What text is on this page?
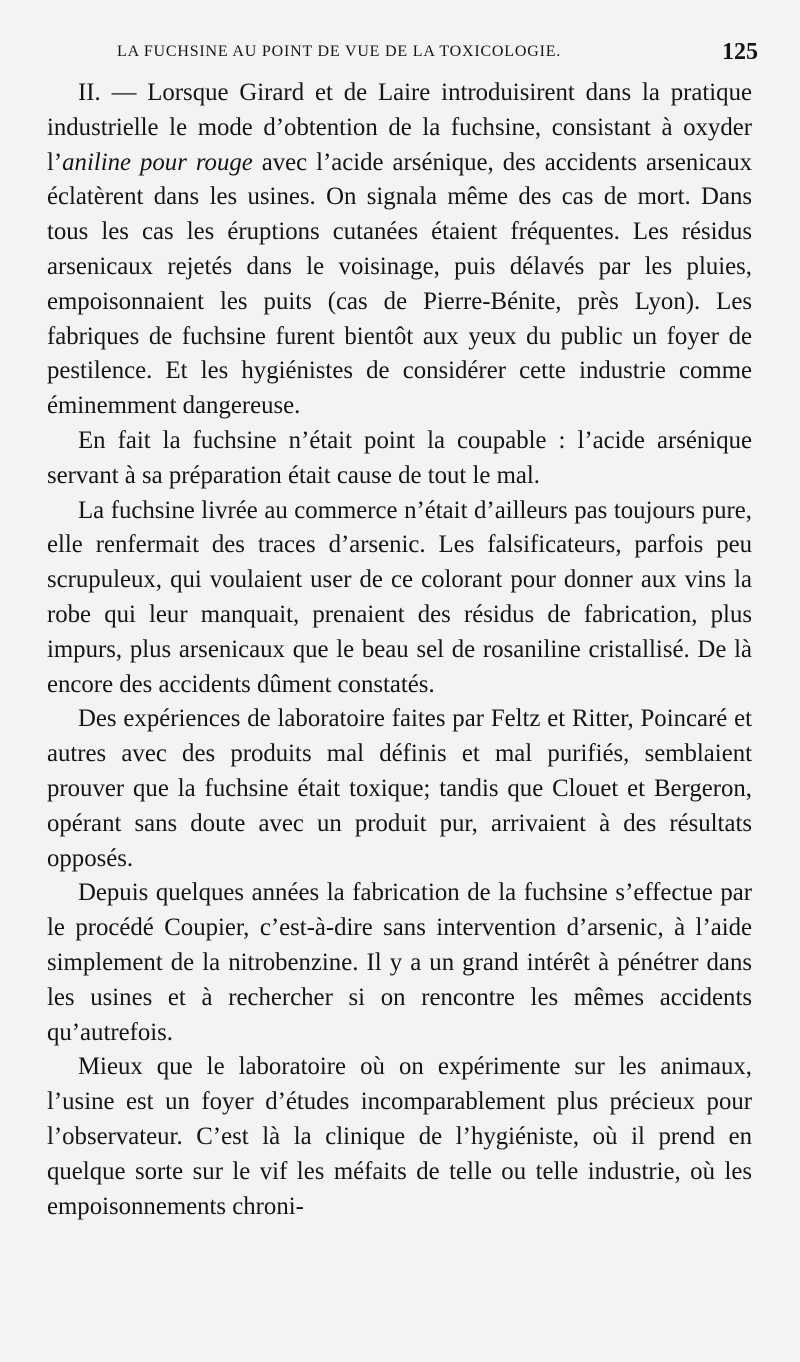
LA FUCHSINE AU POINT DE VUE DE LA TOXICOLOGIE.	125

II. — Lorsque Girard et de Laire introduisirent dans la pratique industrielle le mode d’obtention de la fuchsine, consistant à oxyder l’aniline pour rouge avec l’acide arsénique, des accidents arsenicaux éclatèrent dans les usines. On signala même des cas de mort. Dans tous les cas les éruptions cutanées étaient fréquentes. Les résidus arsenicaux rejetés dans le voisinage, puis délavés par les pluies, empoisonnaient les puits (cas de Pierre-Bénite, près Lyon). Les fabriques de fuchsine furent bientôt aux yeux du public un foyer de pestilence. Et les hygiénistes de considérer cette industrie comme éminemment dangereuse.

En fait la fuchsine n’était point la coupable : l’acide arsénique servant à sa préparation était cause de tout le mal.

La fuchsine livrée au commerce n’était d’ailleurs pas toujours pure, elle renfermait des traces d’arsenic. Les falsificateurs, parfois peu scrupuleux, qui voulaient user de ce colorant pour donner aux vins la robe qui leur manquait, prenaient des résidus de fabrication, plus impurs, plus arsenicaux que le beau sel de rosaniline cristallisé. De là encore des accidents dûment constatés.

Des expériences de laboratoire faites par Feltz et Ritter, Poincaré et autres avec des produits mal définis et mal purifiés, semblaient prouver que la fuchsine était toxique; tandis que Clouet et Bergeron, opérant sans doute avec un produit pur, arrivaient à des résultats opposés.

Depuis quelques années la fabrication de la fuchsine s’effectue par le procédé Coupier, c’est-à-dire sans intervention d’arsenic, à l’aide simplement de la nitrobenzine. Il y a un grand intérêt à pénétrer dans les usines et à rechercher si on rencontre les mêmes accidents qu’autrefois.

Mieux que le laboratoire où on expérimente sur les animaux, l’usine est un foyer d’études incomparablement plus précieux pour l’observateur. C’est là la clinique de l’hygiéniste, où il prend en quelque sorte sur le vif les méfaits de telle ou telle industrie, où les empoisonnements chroni-
